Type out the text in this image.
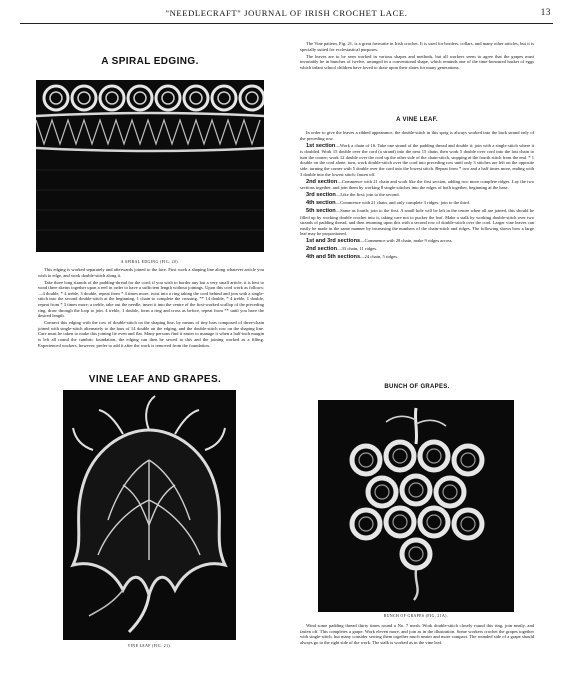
"NEEDLECRAFT" JOURNAL OF IRISH CROCHET LACE.	13
A SPIRAL EDGING.
A SPIRAL EDGING (FIG. 20).

This edging is worked separately and afterwards joined to the lace. First work a shaping line along whatever article you wish to edge, and work double-stitch along it.

Take three long strands of the padding-thread for the cord; if you wish to border any but a very small article, it is best to wind three skeins together upon a reel in order to have a sufficient length without joinings. Upon this cord work as follows:—4 double, * 4 treble, 3 double, repeat from * 4 times more, twist into a ring taking the cord behind and join with a single-stitch into the second double-stitch at the beginning, 1 chain to complete the crossing. ** 14 double, * 4 treble, 1 double, repeat from * 3 times more; a treble, take out the needle, insert it into the centre of the first-worked scallop of the preceding ring, draw through the loop to join. 4 treble, 1 double, form a ring and cross as before, repeat from ** until you have the desired length.

Connect this edging with the row of double-stitch on the shaping line, by means of tiny bars composed of three-chain joined with single-stitch alternately to the bars of 14 double on the edging, and the double-stitch row on the shaping line. Care must be taken to make this joining lie even and flat. Many persons find it easier to manage it when a half-inch margin is left all round the cambric foundation, the edging can then be sewed to this and the joining worked as a filling. Experienced workers, however, prefer to add it after the work is removed from the foundation.

VINE LEAF AND GRAPES.
VINE LEAF (FIG. 21).

The Vine pattern, Fig. 21, is a great favourite in Irish crochet. It is used for borders, collars, and many other articles, but it is specially suited for ecclesiastical purposes.

The leaves are to be seen worked in various shapes and methods, but all workers seem to agree that the grapes must invariably be in bunches of twelve, arranged in a conventional shape, which reminds one of the time-honoured basket of eggs which infant school children have loved to draw upon their slates for many generations.

A VINE LEAF.

In order to give the leaves a ribbed appearance, the double-stitch in this sprig is always worked into the back strand only of the preceding row.

1st section—Work a chain of 16. Take one strand of the padding thread and double it; join with a single-stitch where it is doubled. Work 15 double over the cord (a strand) into the next 15 chain, then work 5 double over cord into the last chain to turn the corner; work 12 double over the cord up the other side of the chain-stitch, stopping at the fourth stitch from the end. * 1 double on the cord alone, turn, work double-stitch over the cord into preceding row until only 3 stitches are left on the opposite side, turning the corner with 5 double over the cord into the lowest stitch. Repeat from * two and a half times more, ending with 3 double into the lowest stitch; fasten off.

2nd section—Commence with 21 chain and work like the first section, adding two more complete ridges. Lay the two sections together, and join them by working 8 single-stitches into the edges of both together, beginning at the base.

3rd section—Like the first; join to the second.

4th section—Commence with 21 chain, and only complete 3 ridges; join to the third.

5th section—Same as fourth; join to the first. A small hole will be left in the centre when all are joined, this should be filled up by working double crochet into it, taking care not to pucker the leaf. Make a stalk by working double-stitch over two strands of padding thread, and then returning upon this with a second row of double-stitch over the cord. Larger vine leaves can easily be made in the same manner by increasing the numbers of the chain-stitch and ridges. The following shows how a large leaf may be proportioned.

1st and 3rd sections—Commence with 28 chain, make 9 ridges across.

2nd section—33 chain, 11 ridges.

4th and 5th sections—24 chain, 5 ridges.

BUNCH OF GRAPES.
BUNCH OF GRAPES (FIG. 21A).

Wind some padding thread thirty times round a No. 7 mesh. Work double-stitch closely round this ring, join neatly, and fasten off. This completes a grape. Work eleven more, and join as in the illustration. Some workers crochet the grapes together with single-stitch, but many consider sewing them together much neater and more compact. The rounded side of a grape should always go to the right side of the work. The stalk is worked as in the vine leaf.
